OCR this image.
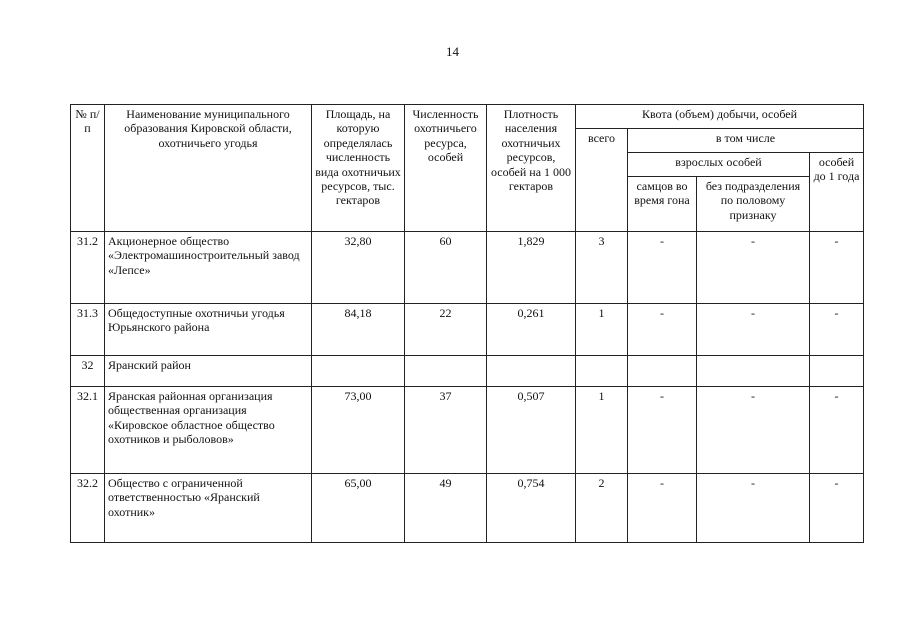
14
№ п/п	Наименование муниципального образования Кировской области, охотничьего угодья	Площадь, на которую определялась численность вида охотничьих ресурсов, тыс. гектаров	Численность охотничьего ресурса, особей	Плотность населения охотничьих ресурсов, особей на 1 000 гектаров	Квота (объем) добычи, особей			
					всего	в том числе		
						взрослых особей		особей до 1 года
						самцов во время гона	без подразделения по половому признаку	
31.2	Акционерное общество «Электромашиностроительный завод «Лепсе»	32,80	60	1,829	3	-	-	-
31.3	Общедоступные охотничьи угодья Юрьянского района	84,18	22	0,261	1	-	-	-
32	Яранский район							
32.1	Яранская районная организация общественная организация «Кировское областное общество охотников и рыболовов»	73,00	37	0,507	1	-	-	-
32.2	Общество с ограниченной ответственностью «Яранский охотник»	65,00	49	0,754	2	-	-	-
